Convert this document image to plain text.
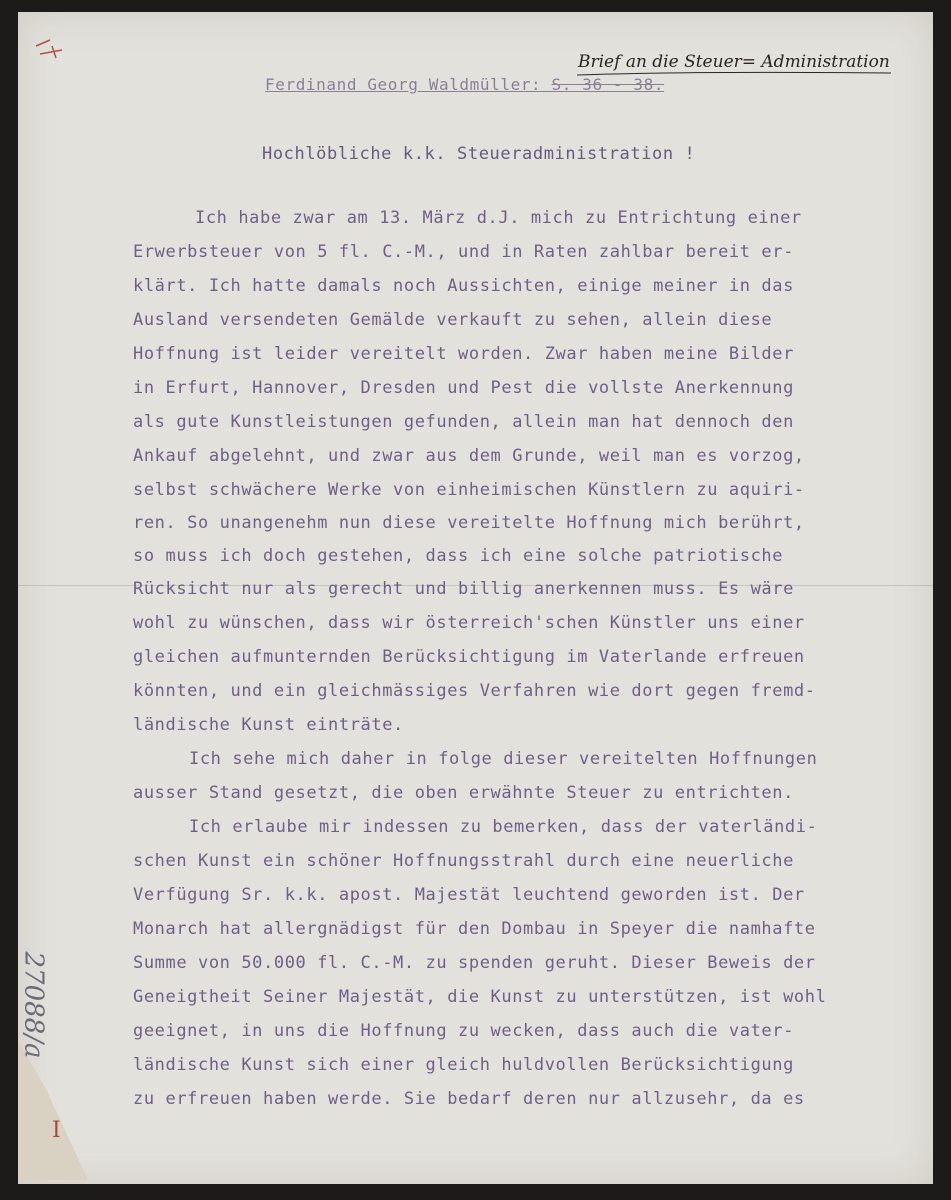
Ferdinand Georg Waldmüller: S. 36 - 38.
Brief an die Steuer= Administration
Hochlöbliche k.k. Steueradministration !
Ich habe zwar am 13. März d.J. mich zu Entrichtung einer
Erwerbsteuer von 5 fl. C.-M., und in Raten zahlbar bereit er-
klärt. Ich hatte damals noch Aussichten, einige meiner in das
Ausland versendeten Gemälde verkauft zu sehen, allein diese
Hoffnung ist leider vereitelt worden. Zwar haben meine Bilder
in Erfurt, Hannover, Dresden und Pest die vollste Anerkennung
als gute Kunstleistungen gefunden, allein man hat dennoch den
Ankauf abgelehnt, und zwar aus dem Grunde, weil man es vorzog,
selbst schwächere Werke von einheimischen Künstlern zu aquiri-
ren. So unangenehm nun diese vereitelte Hoffnung mich berührt,
so muss ich doch gestehen, dass ich eine solche patriotische
Rücksicht nur als gerecht und billig anerkennen muss. Es wäre
wohl zu wünschen, dass wir österreich'schen Künstler uns einer
gleichen aufmunternden Berücksichtigung im Vaterlande erfreuen
könnten, und ein gleichmässiges Verfahren wie dort gegen fremd-
ländische Kunst einträte.
Ich sehe mich daher in folge dieser vereitelten Hoffnungen
ausser Stand gesetzt, die oben erwähnte Steuer zu entrichten.
Ich erlaube mir indessen zu bemerken, dass der vaterländi-
schen Kunst ein schöner Hoffnungsstrahl durch eine neuerliche
Verfügung Sr. k.k. apost. Majestät leuchtend geworden ist. Der
Monarch hat allergnädigst für den Dombau in Speyer die namhafte
Summe von 50.000 fl. C.-M. zu spenden geruht. Dieser Beweis der
Geneigtheit Seiner Majestät, die Kunst zu unterstützen, ist wohl
geeignet, in uns die Hoffnung zu wecken, dass auch die vater-
ländische Kunst sich einer gleich huldvollen Berücksichtigung
zu erfreuen haben werde. Sie bedarf deren nur allzusehr, da es
27088/a
I
